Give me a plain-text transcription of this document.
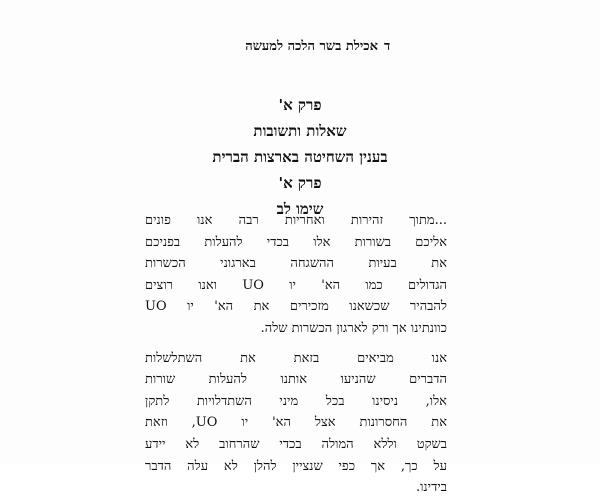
אכילת בשר הלכה למעשה ד
פרק א'
שאלות ותשובות
בענין השחיטה בארצות הברית
פרק א'
שימו לב
...מתוך זהירות ואחריות רבה אנו פונים
אליכם בשורות אלו בכדי להעלות בפניכם
את בעיות ההשגחה בארגוני הכשרות
הגדולים כמו הא' יו UO ואנו רוצים
להבהיר שכשאנו מזכירים את הא' יו UO
כוונתינו אך ורק לארגון הכשרות שלה.
אנו מביאים בזאת את השתלשלות
הדברים שהניעו אותנו להעלות שורות
אלו, ניסינו בכל מיני השתדלויות לתקן
את החסרונות אצל הא' יו UO, וזאת
בשקט וללא המולה בכדי שהרחוב לא יידע
על כך, אך כפי שנציין להלן לא עלה הדבר
בידינו.
